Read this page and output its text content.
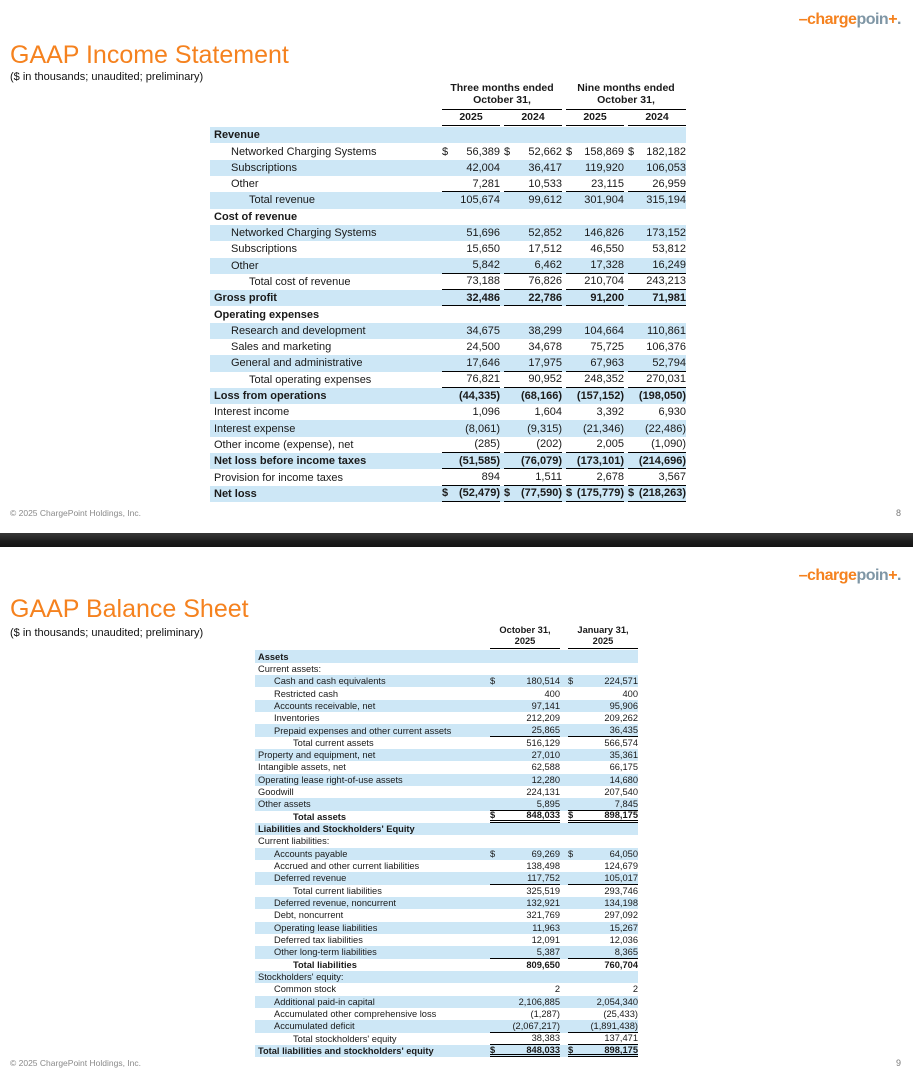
–chargepoin+.
GAAP Income Statement
($ in thousands; unaudited; preliminary)
Three months ended
October 31,
Nine months ended
October 31,
2025	2024	2025	2024
Revenue
Networked Charging Systems	$ 56,389 $ 52,662 $ 158,869 $ 182,182
Subscriptions	42,004	36,417 119,920 106,053
Other	7,281	10,533	23,115	26,959
Total revenue	105,674	99,612 301,904 315,194
Cost of revenue
Networked Charging Systems	51,696	52,852 146,826 173,152
Subscriptions	15,650	17,512	46,550	53,812
Other	5,842	6,462	17,328	16,249
Total cost of revenue	73,188	76,826 210,704 243,213
Gross profit	32,486	22,786	91,200	71,981
Operating expenses
Research and development	34,675	38,299 104,664 110,861
Sales and marketing	24,500	34,678	75,725 106,376
General and administrative	17,646	17,975	67,963	52,794
Total operating expenses	76,821	90,952 248,352 270,031
Loss from operations	(44,335) (68,166) (157,152) (198,050)
Interest income	1,096	1,604	3,392	6,930
Interest expense	(8,061) (9,315) (21,346) (22,486)
Other income (expense), net	(285)	(202)	2,005 (1,090)
Net loss before income taxes	(51,585) (76,079) (173,101) (214,696)
Provision for income taxes	894	1,511	2,678	3,567
Net loss	$ (52,479) $ (77,590) $ (175,779) $ (218,263)
© 2025 ChargePoint Holdings, Inc.	8
–chargepoin+.
GAAP Balance Sheet
($ in thousands; unaudited; preliminary)	October 31,
2025
January 31,
2025
Assets
Current assets:
Cash and cash equivalents	$	180,514 $	224,571
Restricted cash	400	400
Accounts receivable, net	97,141	95,906
Inventories	212,209	209,262
Prepaid expenses and other current assets	25,865	36,435
Total current assets	516,129	566,574
Property and equipment, net	27,010	35,361
Intangible assets, net	62,588	66,175
Operating lease right-of-use assets	12,280	14,680
Goodwill	224,131	207,540
Other assets	5,895	7,845
Total assets	$	848,033 $	898,175
Liabilities and Stockholders' Equity
Current liabilities:
Accounts payable	$	69,269 $	64,050
Accrued and other current liabilities	138,498	124,679
Deferred revenue	117,752	105,017
Total current liabilities	325,519	293,746
Deferred revenue, noncurrent	132,921	134,198
Debt, noncurrent	321,769	297,092
Operating lease liabilities	11,963	15,267
Deferred tax liabilities	12,091	12,036
Other long-term liabilities	5,387	8,365
Total liabilities	809,650	760,704
Stockholders' equity:
Common stock	2	2
Additional paid-in capital	2,106,885	2,054,340
Accumulated other comprehensive loss	(1,287)	(25,433)
Accumulated deficit	(2,067,217)	(1,891,438)
Total stockholders' equity	38,383	137,471
Total liabilities and stockholders' equity	$	848,033 $	898,175
© 2025 ChargePoint Holdings, Inc.	9
